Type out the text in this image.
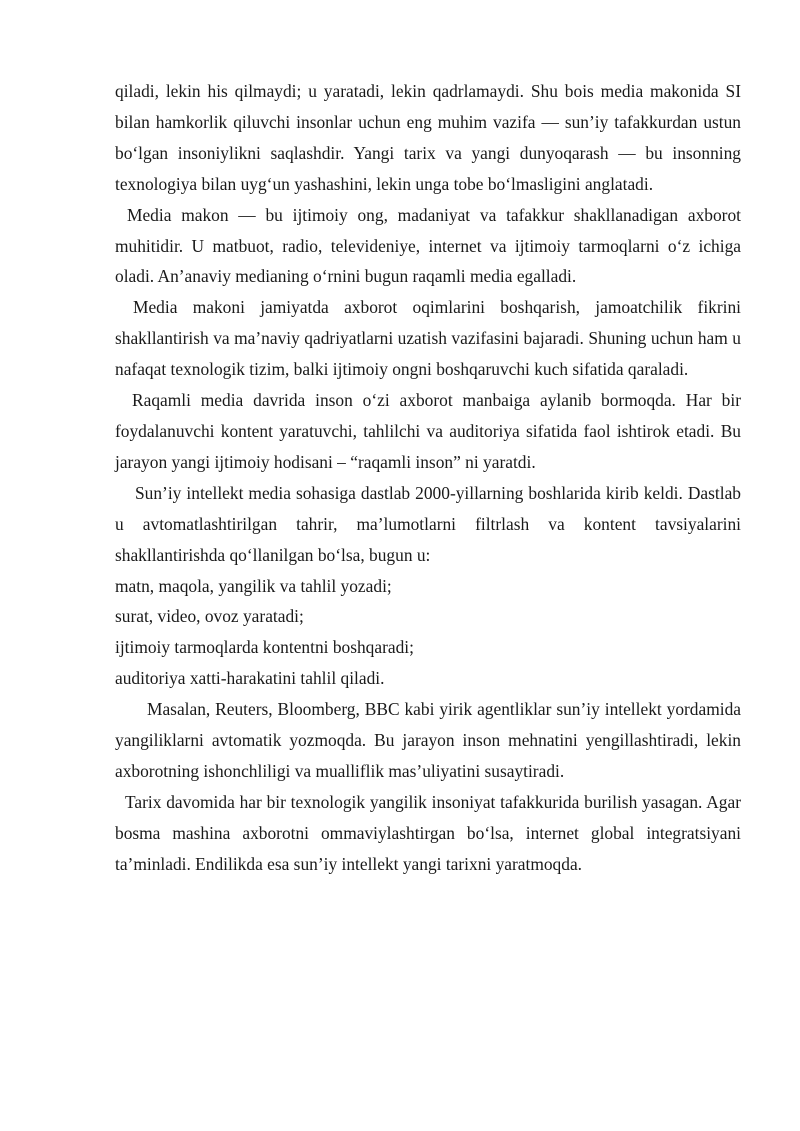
qiladi, lekin his qilmaydi; u yaratadi, lekin qadrlamaydi. Shu bois media makonida SI bilan hamkorlik qiluvchi insonlar uchun eng muhim vazifa — sun’iy tafakkurdan ustun bo‘lgan insoniylikni saqlashdir. Yangi tarix va yangi dunyoqarash — bu insonning texnologiya bilan uyg‘un yashashini, lekin unga tobe bo‘lmasligini anglatadi.

Media makon — bu ijtimoiy ong, madaniyat va tafakkur shakllanadigan axborot muhitidir. U matbuot, radio, televideniye, internet va ijtimoiy tarmoqlarni o‘z ichiga oladi. An’anaviy medianing o‘rnini bugun raqamli media egalladi.

Media makoni jamiyatda axborot oqimlarini boshqarish, jamoatchilik fikrini shakllantirish va ma’naviy qadriyatlarni uzatish vazifasini bajaradi. Shuning uchun ham u nafaqat texnologik tizim, balki ijtimoiy ongni boshqaruvchi kuch sifatida qaraladi.

Raqamli media davrida inson o‘zi axborot manbaiga aylanib bormoqda. Har bir foydalanuvchi kontent yaratuvchi, tahlilchi va auditoriya sifatida faol ishtirok etadi. Bu jarayon yangi ijtimoiy hodisani – “raqamli inson” ni yaratdi.

Sun’iy intellekt media sohasiga dastlab 2000-yillarning boshlarida kirib keldi. Dastlab u avtomatlashtirilgan tahrir, ma’lumotlarni filtrlash va kontent tavsiyalarini shakllantirishda qo‘llanilgan bo‘lsa, bugun u:

matn, maqola, yangilik va tahlil yozadi;

surat, video, ovoz yaratadi;

ijtimoiy tarmoqlarda kontentni boshqaradi;

auditoriya xatti-harakatini tahlil qiladi.

Masalan, Reuters, Bloomberg, BBC kabi yirik agentliklar sun’iy intellekt yordamida yangiliklarni avtomatik yozmoqda. Bu jarayon inson mehnatini yengillashtiradi, lekin axborotning ishonchliligi va mualliflik mas’uliyatini susaytiradi.

Tarix davomida har bir texnologik yangilik insoniyat tafakkurida burilish yasagan. Agar bosma mashina axborotni ommaviylashtirgan bo‘lsa, internet global integratsiyani ta’minladi. Endilikda esa sun’iy intellekt yangi tarixni yaratmoqda.
